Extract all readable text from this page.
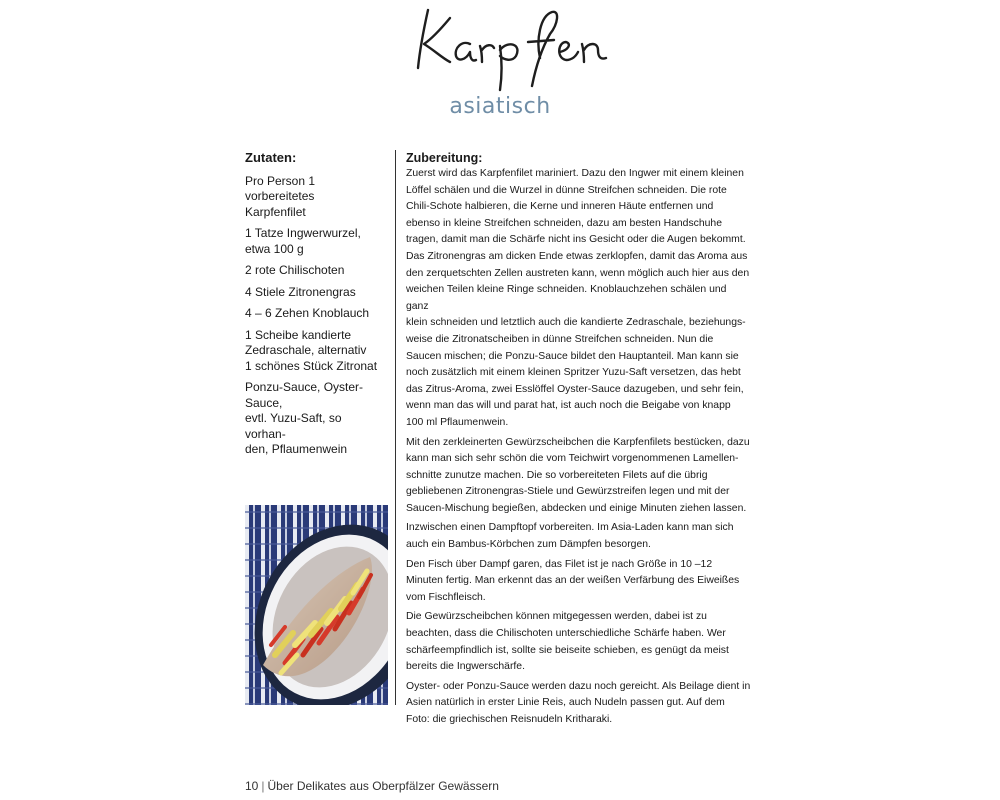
asiatisch
Zutaten:
Pro Person 1 vorbereitetes
Karpfenfilet
1 Tatze Ingwerwurzel,
etwa 100 g
2 rote Chilischoten
4 Stiele Zitronengras
4 – 6 Zehen Knoblauch
1 Scheibe kandierte
Zedraschale, alternativ
1 schönes Stück Zitronat
Ponzu-Sauce, Oyster-Sauce,
evtl. Yuzu-Saft, so vorhan-
den, Pflaumenwein
Zubereitung:

Zuerst wird das Karpfenfilet mariniert. Dazu den Ingwer mit einem kleinen
Löffel schälen und die Wurzel in dünne Streifchen schneiden. Die rote
Chili-Schote halbieren, die Kerne und inneren Häute entfernen und
ebenso in kleine Streifchen schneiden, dazu am besten Handschuhe
tragen, damit man die Schärfe nicht ins Gesicht oder die Augen bekommt.
Das Zitronengras am dicken Ende etwas zerklopfen, damit das Aroma aus
den zerquetschten Zellen austreten kann, wenn möglich auch hier aus den
weichen Teilen kleine Ringe schneiden. Knoblauchzehen schälen und ganz
klein schneiden und letztlich auch die kandierte Zedraschale, beziehungs-
weise die Zitronatscheiben in dünne Streifchen schneiden. Nun die
Saucen mischen; die Ponzu-Sauce bildet den Hauptanteil. Man kann sie
noch zusätzlich mit einem kleinen Spritzer Yuzu-Saft versetzen, das hebt
das Zitrus-Aroma, zwei Esslöffel Oyster-Sauce dazugeben, und sehr fein,
wenn man das will und parat hat, ist auch noch die Beigabe von knapp
100 ml Pflaumenwein.

Mit den zerkleinerten Gewürzscheibchen die Karpfenfilets bestücken, dazu
kann man sich sehr schön die vom Teichwirt vorgenommenen Lamellen-
schnitte zunutze machen. Die so vorbereiteten Filets auf die übrig
gebliebenen Zitronengras-Stiele und Gewürzstreifen legen und mit der
Saucen-Mischung begießen, abdecken und einige Minuten ziehen lassen.

Inzwischen einen Dampftopf vorbereiten. Im Asia-Laden kann man sich
auch ein Bambus-Körbchen zum Dämpfen besorgen.

Den Fisch über Dampf garen, das Filet ist je nach Größe in 10 –12
Minuten fertig. Man erkennt das an der weißen Verfärbung des Eiweißes
vom Fischfleisch.

Die Gewürzscheibchen können mitgegessen werden, dabei ist zu
beachten, dass die Chilischoten unterschiedliche Schärfe haben. Wer
schärfeempfindlich ist, sollte sie beiseite schieben, es genügt da meist
bereits die Ingwerschärfe.

Oyster- oder Ponzu-Sauce werden dazu noch gereicht. Als Beilage dient in
Asien natürlich in erster Linie Reis, auch Nudeln passen gut. Auf dem
Foto: die griechischen Reisnudeln Kritharaki.

10 | Über Delikates aus Oberpfälzer Gewässern
